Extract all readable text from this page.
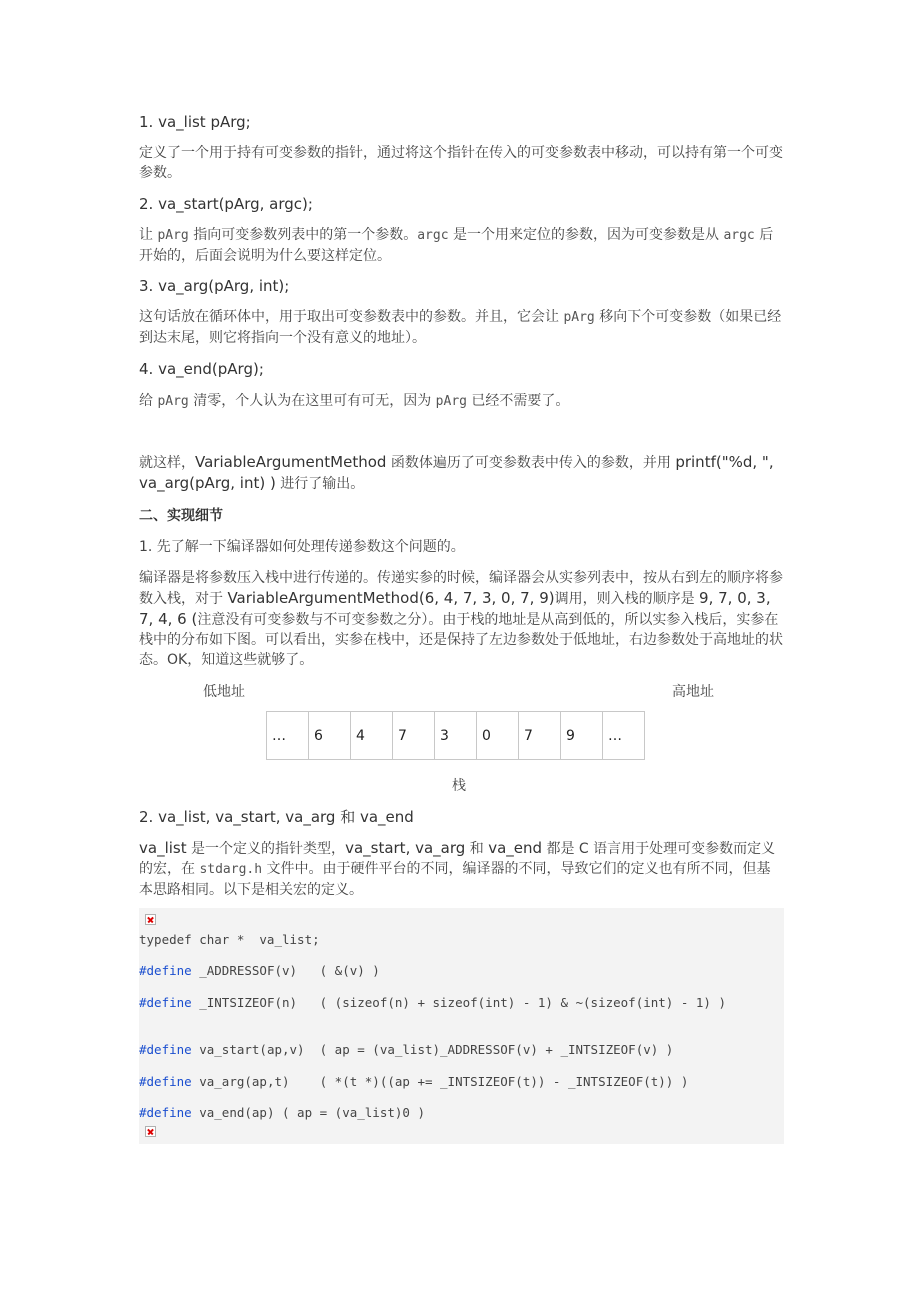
1. va_list pArg;

定义了一个用于持有可变参数的指针，通过将这个指针在传入的可变参数表中移动，可以持有第一个可变参数。

2. va_start(pArg, argc);

让 pArg 指向可变参数列表中的第一个参数。argc 是一个用来定位的参数，因为可变参数是从 argc 后开始的，后面会说明为什么要这样定位。

3. va_arg(pArg, int);

这句话放在循环体中，用于取出可变参数表中的参数。并且，它会让 pArg 移向下个可变参数（如果已经到达末尾，则它将指向一个没有意义的地址）。

4. va_end(pArg);

给 pArg 清零，个人认为在这里可有可无，因为 pArg 已经不需要了。

就这样，VariableArgumentMethod 函数体遍历了可变参数表中传入的参数，并用 printf("%d, ", va_arg(pArg, int) ) 进行了输出。

二、实现细节

1. 先了解一下编译器如何处理传递参数这个问题的。

编译器是将参数压入栈中进行传递的。传递实参的时候，编译器会从实参列表中，按从右到左的顺序将参数入栈，对于 VariableArgumentMethod(6, 4, 7, 3, 0, 7, 9)调用，则入栈的顺序是 9, 7, 0, 3, 7, 4, 6 (注意没有可变参数与不可变参数之分）。由于栈的地址是从高到低的，所以实参入栈后，实参在栈中的分布如下图。可以看出，实参在栈中，还是保持了左边参数处于低地址，右边参数处于高地址的状态。OK，知道这些就够了。

低地址	高地址
…	6	4	7	3	0	7	9	…
栈

2. va_list, va_start, va_arg 和 va_end

va_list 是一个定义的指针类型，va_start, va_arg 和 va_end 都是 C 语言用于处理可变参数而定义的宏，在 stdarg.h 文件中。由于硬件平台的不同，编译器的不同，导致它们的定义也有所不同，但基本思路相同。以下是相关宏的定义。

typedef char *  va_list;

#define _ADDRESSOF(v)   ( &(v) )

#define _INTSIZEOF(n)   ( (sizeof(n) + sizeof(int) - 1) & ~(sizeof(int) - 1) )

#define va_start(ap,v)  ( ap = (va_list)_ADDRESSOF(v) + _INTSIZEOF(v) )

#define va_arg(ap,t)    ( *(t *)((ap += _INTSIZEOF(t)) - _INTSIZEOF(t)) )

#define va_end(ap) ( ap = (va_list)0 )
